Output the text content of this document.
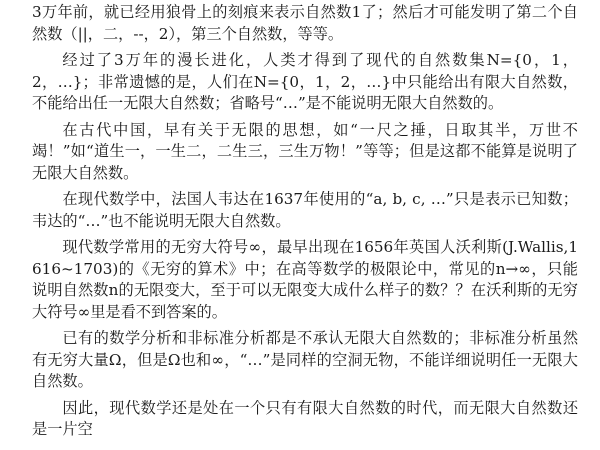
3万年前，就已经用狼骨上的刻痕来表示自然数1了；然后才可能发明了第二个自然数（||，二，--，2），第三个自然数，等等。

经过了3万年的漫长进化，人类才得到了现代的自然数集N={0，1，2，…}；非常遗憾的是，人们在N={0，1，2，…}中只能给出有限大自然数，不能给出任一无限大自然数；省略号“…”是不能说明无限大自然数的。

在古代中国，早有关于无限的思想，如“一尺之捶，日取其半，万世不竭！”如“道生一，一生二，二生三，三生万物！”等等；但是这都不能算是说明了无限大自然数。

在现代数学中，法国人韦达在1637年使用的“a, b, c, …”只是表示已知数；韦达的“…”也不能说明无限大自然数。

现代数学常用的无穷大符号∞，最早出现在1656年英国人沃利斯(J.Wallis,1616~1703)的《无穷的算术》中；在高等数学的极限论中，常见的n→∞，只能说明自然数n的无限变大，至于可以无限变大成什么样子的数？？在沃利斯的无穷大符号∞里是看不到答案的。

已有的数学分析和非标准分析都是不承认无限大自然数的；非标准分析虽然有无穷大量Ω，但是Ω也和∞，“…”是同样的空洞无物，不能详细说明任一无限大自然数。

因此，现代数学还是处在一个只有有限大自然数的时代，而无限大自然数还是一片空
